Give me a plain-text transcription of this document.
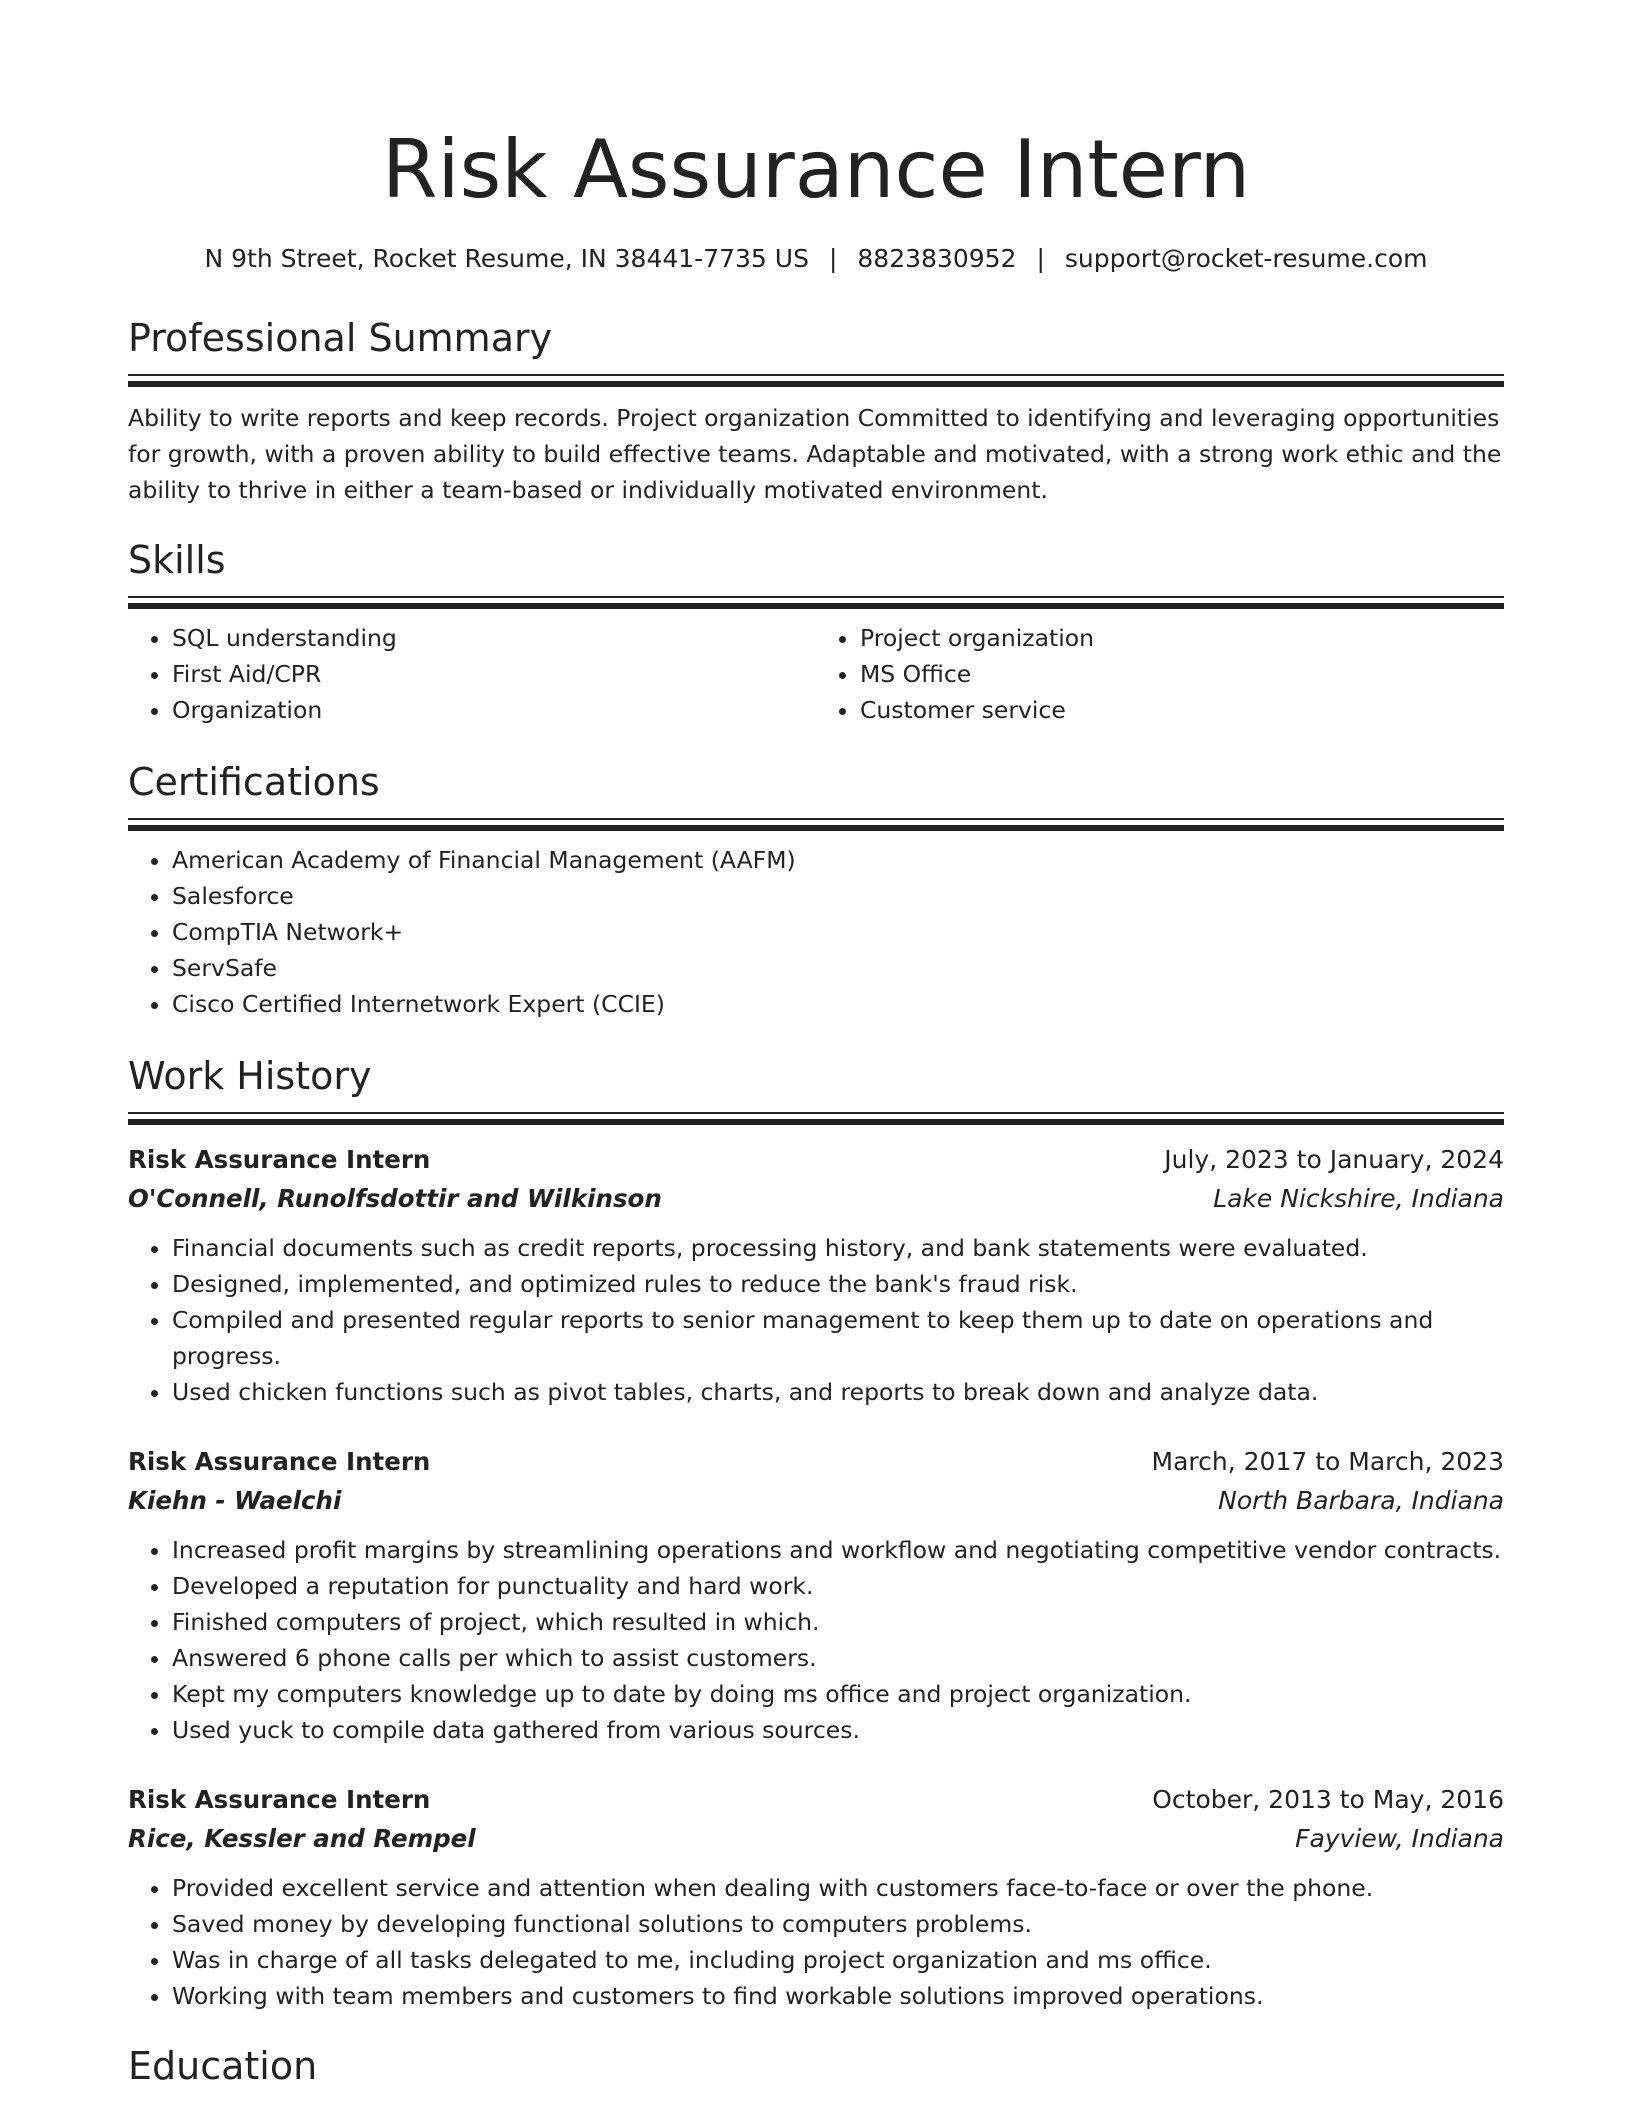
Risk Assurance Intern
N 9th Street, Rocket Resume, IN 38441-7735 US | 8823830952 | support@rocket-resume.com
Professional Summary
Ability to write reports and keep records. Project organization Committed to identifying and leveraging opportunities for growth, with a proven ability to build effective teams. Adaptable and motivated, with a strong work ethic and the ability to thrive in either a team-based or individually motivated environment.
Skills
• SQL understanding
• First Aid/CPR
• Organization
• Project organization
• MS Office
• Customer service
Certifications
• American Academy of Financial Management (AAFM)
• Salesforce
• CompTIA Network+
• ServSafe
• Cisco Certified Internetwork Expert (CCIE)
Work History
Risk Assurance Intern	July, 2023 to January, 2024
O'Connell, Runolfsdottir and Wilkinson	Lake Nickshire, Indiana
• Financial documents such as credit reports, processing history, and bank statements were evaluated.
• Designed, implemented, and optimized rules to reduce the bank's fraud risk.
• Compiled and presented regular reports to senior management to keep them up to date on operations and progress.
• Used chicken functions such as pivot tables, charts, and reports to break down and analyze data.
Risk Assurance Intern	March, 2017 to March, 2023
Kiehn - Waelchi	North Barbara, Indiana
• Increased profit margins by streamlining operations and workflow and negotiating competitive vendor contracts.
• Developed a reputation for punctuality and hard work.
• Finished computers of project, which resulted in which.
• Answered 6 phone calls per which to assist customers.
• Kept my computers knowledge up to date by doing ms office and project organization.
• Used yuck to compile data gathered from various sources.
Risk Assurance Intern	October, 2013 to May, 2016
Rice, Kessler and Rempel	Fayview, Indiana
• Provided excellent service and attention when dealing with customers face-to-face or over the phone.
• Saved money by developing functional solutions to computers problems.
• Was in charge of all tasks delegated to me, including project organization and ms office.
• Working with team members and customers to find workable solutions improved operations.
Education
